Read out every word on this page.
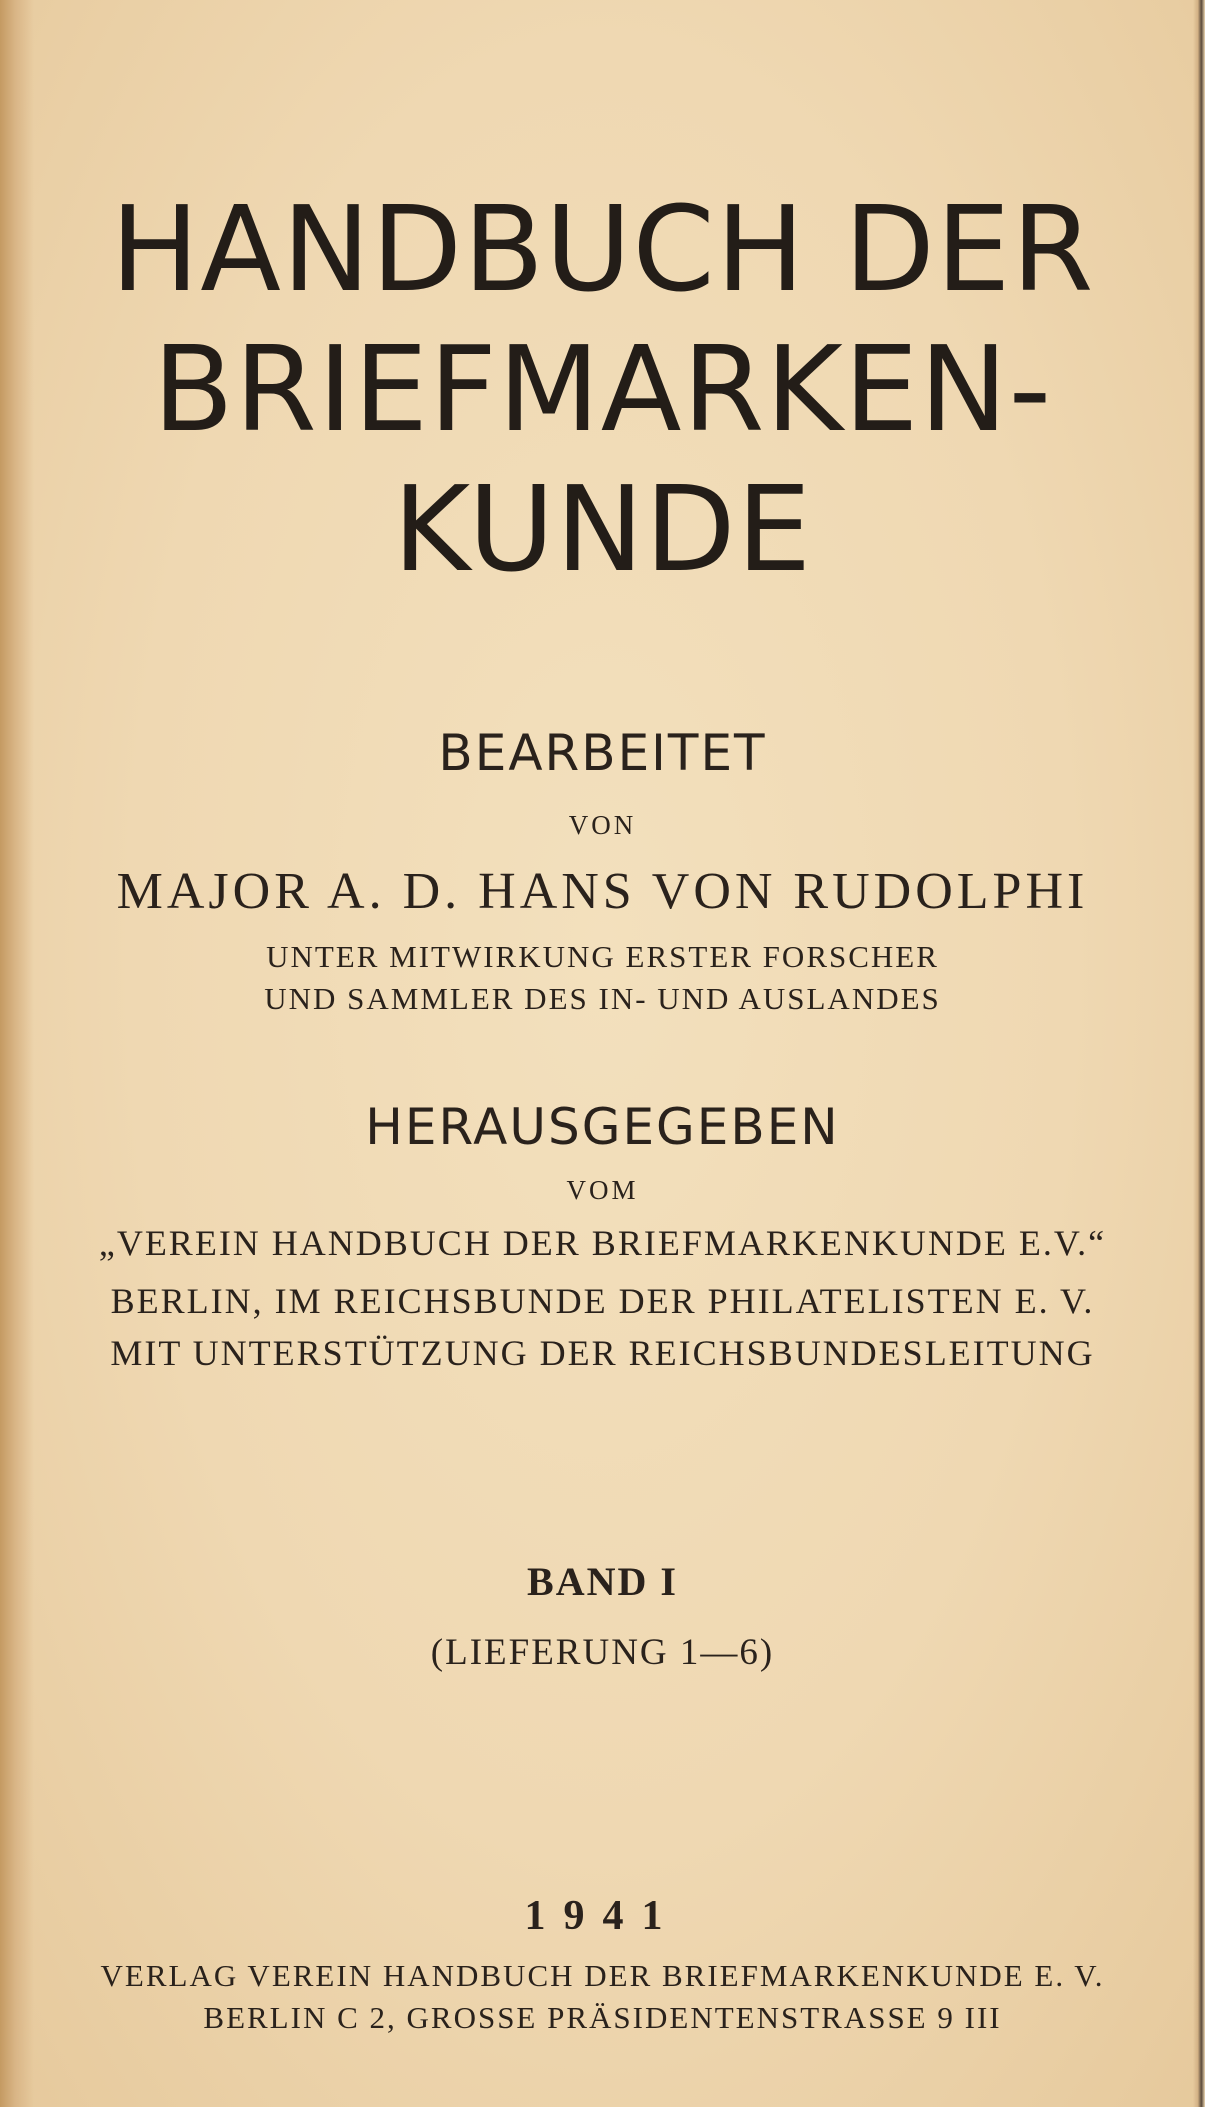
HANDBUCH DER
BRIEFMARKEN-
KUNDE

BEARBEITET

VON

MAJOR A. D. HANS VON RUDOLPHI

UNTER MITWIRKUNG ERSTER FORSCHER

UND SAMMLER DES IN- UND AUSLANDES

HERAUSGEGEBEN

VOM

„VEREIN HANDBUCH DER BRIEFMARKENKUNDE E.V.“

BERLIN, IM REICHSBUNDE DER PHILATELISTEN E. V.

MIT UNTERSTÜTZUNG DER REICHSBUNDESLEITUNG

BAND I

(LIEFERUNG 1—6)

1941

VERLAG VEREIN HANDBUCH DER BRIEFMARKENKUNDE E. V.

BERLIN C 2, GROSSE PRÄSIDENTENSTRASSE 9 III
